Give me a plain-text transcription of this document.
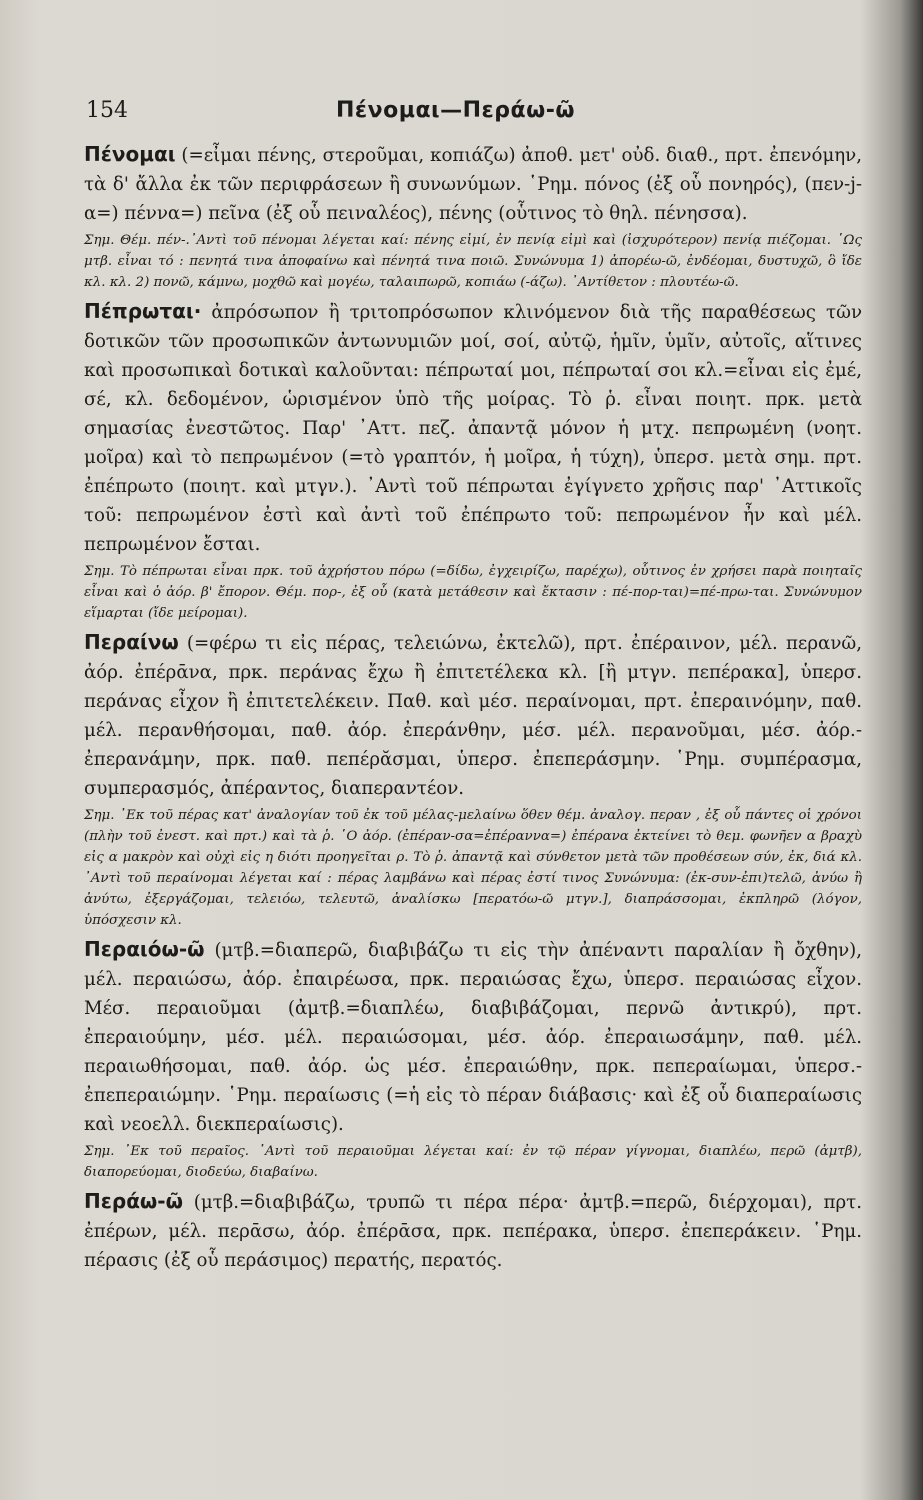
154	Πένομαι—Περάω-ῶ

Πένομαι (=εἶμαι πένης, στεροῦμαι, κοπιάζω) ἀποθ. μετ' οὐδ. διαθ., πρτ. ἐπενόμην, τὰ δ' ἄλλα ἐκ τῶν περιφράσεων ἢ συνωνύμων. ῾Ρημ. πόνος (ἐξ οὗ πονηρός), (πεν-j-α=) πέννα=) πεῖνα (ἐξ οὗ πειναλέος), πένης (οὗτινος τὸ θηλ. πένησσα).

Σημ. Θέμ. πέν-.᾿Αντὶ τοῦ πένομαι λέγεται καί: πένης εἰμί, ἐν πενίᾳ εἰμὶ καὶ (ἰσχυρότερον) πενίᾳ πιέζομαι. ῾Ως μτβ. εἶναι τό : πενητά τινα ἀποφαίνω καὶ πένητά τινα ποιῶ. Συνώνυμα 1) ἀπορέω-ῶ, ἐνδέομαι, δυστυχῶ, ὃ ἴδε κλ. κλ. 2) πονῶ, κάμνω, μοχθῶ καὶ μογέω, ταλαιπωρῶ, κοπιάω (-άζω). ᾿Αντίθετον : πλουτέω-ῶ.

Πέπρωται· ἀπρόσωπον ἢ τριτοπρόσωπον κλινόμενον διὰ τῆς παραθέσεως τῶν δοτικῶν τῶν προσωπικῶν ἀντωνυμιῶν μοί, σοί, αὐτῷ, ἡμῖν, ὑμῖν, αὐτοῖς, αἵτινες καὶ προσωπικαὶ δοτικαὶ καλοῦνται: πέπρωταί μοι, πέπρωταί σοι κλ.=εἶναι εἰς ἐμέ, σέ, κλ. δεδομένον, ὡρισμένον ὑπὸ τῆς μοίρας. Τὸ ῥ. εἶναι ποιητ. πρκ. μετὰ σημασίας ἐνεστῶτος. Παρ' ᾿Αττ. πεζ. ἀπαντᾷ μόνον ἡ μτχ. πεπρωμένη (νοητ. μοῖρα) καὶ τὸ πεπρωμένον (=τὸ γραπτόν, ἡ μοῖρα, ἡ τύχη), ὑπερσ. μετὰ σημ. πρτ. ἐπέπρωτο (ποιητ. καὶ μτγν.). ᾿Αντὶ τοῦ πέπρωται ἐγίγνετο χρῆσις παρ' ᾿Αττικοῖς τοῦ: πεπρωμένον ἐστὶ καὶ ἀντὶ τοῦ ἐπέπρωτο τοῦ: πεπρωμένον ἦν καὶ μέλ. πεπρωμένον ἔσται.

Σημ. Τὸ πέπρωται εἶναι πρκ. τοῦ ἀχρήστου πόρω (=δίδω, ἐγχειρίζω, παρέχω), οὗτινος ἐν χρήσει παρὰ ποιηταῖς εἶναι καὶ ὁ ἀόρ. β' ἔπορον. Θέμ. πορ-, ἐξ οὗ (κατὰ μετάθεσιν καὶ ἔκτασιν : πέ-πορ-ται)=πέ-πρω-ται. Συνώνυμον εἵμαρται (ἴδε μείρομαι).

Περαίνω (=φέρω τι εἰς πέρας, τελειώνω, ἐκτελῶ), πρτ. ἐπέραινον, μέλ. περανῶ, ἀόρ. ἐπέρᾱνα, πρκ. περάνας ἔχω ἢ ἐπιτετέλεκα κλ. [ἢ μτγν. πεπέρακα], ὑπερσ. περάνας εἶχον ἢ ἐπιτετελέκειν. Παθ. καὶ μέσ. περαίνομαι, πρτ. ἐπεραινόμην, παθ. μέλ. περανθήσομαι, παθ. ἀόρ. ἐπεράνθην, μέσ. μέλ. περανοῦμαι, μέσ. ἀόρ.-ἐπερανάμην, πρκ. παθ. πεπέρᾰσμαι, ὑπερσ. ἐπεπεράσμην. ῾Ρημ. συμπέρασμα, συμπερασμός, ἀπέραντος, διαπεραντέον.

Σημ. ᾿Εκ τοῦ πέρας κατ' ἀναλογίαν τοῦ ἐκ τοῦ μέλας-μελαίνω ὅθεν θέμ. ἀναλογ. περαν , ἐξ οὗ πάντες οἱ χρόνοι (πλὴν τοῦ ἐνεστ. καὶ πρτ.) καὶ τὰ ῥ. ῾Ο ἀόρ. (ἐπέραν-σα=ἐπέραννα=) ἐπέρανα ἐκτείνει τὸ θεμ. φωνῆεν α βραχὺ εἰς α μακρὸν καὶ οὐχὶ εἰς η διότι προηγεῖται ρ. Τὸ ῥ. ἀπαντᾷ καὶ σύνθετον μετὰ τῶν προθέσεων σύν, ἐκ, διά κλ. ᾿Αντὶ τοῦ περαίνομαι λέγεται καί : πέρας λαμβάνω καὶ πέρας ἐστί τινος Συνώνυμα: (ἐκ-συν-ἐπι)τελῶ, ἀνύω ἢ ἀνύτω, ἐξεργάζομαι, τελειόω, τελευτῶ, ἀναλίσκω [περατόω-ῶ μτγν.], διαπράσσομαι, ἐκπληρῶ (λόγον, ὑπόσχεσιν κλ.

Περαιόω-ῶ (μτβ.=διαπερῶ, διαβιβάζω τι εἰς τὴν ἀπέναντι παραλίαν ἢ ὄχθην), μέλ. περαιώσω, ἀόρ. ἐπαιρέωσα, πρκ. περαιώσας ἔχω, ὑπερσ. περαιώσας εἶχον. Μέσ. περαιοῦμαι (ἀμτβ.=διαπλέω, διαβιβάζομαι, περνῶ ἀντικρύ), πρτ. ἐπεραιούμην, μέσ. μέλ. περαιώσομαι, μέσ. ἀόρ. ἐπεραιωσάμην, παθ. μέλ. περαιωθήσομαι, παθ. ἀόρ. ὡς μέσ. ἐπεραιώθην, πρκ. πεπεραίωμαι, ὑπερσ.-ἐπεπεραιώμην. ῾Ρημ. περαίωσις (=ἡ εἰς τὸ πέραν διάβασις· καὶ ἐξ οὗ διαπεραίωσις καὶ νεοελλ. διεκπεραίωσις).

Σημ. ᾿Εκ τοῦ περαῖος. ᾿Αντὶ τοῦ περαιοῦμαι λέγεται καί: ἐν τῷ πέραν γίγνομαι, διαπλέω, περῶ (ἀμτβ), διαπορεύομαι, διοδεύω, διαβαίνω.

Περάω-ῶ (μτβ.=διαβιβάζω, τρυπῶ τι πέρα πέρα· ἀμτβ.=περῶ, διέρχομαι), πρτ. ἐπέρων, μέλ. περᾱσω, ἀόρ. ἐπέρᾱσα, πρκ. πεπέρακα, ὑπερσ. ἐπεπεράκειν. ῾Ρημ. πέρασις (ἐξ οὗ περάσιμος) περατής, περατός.
